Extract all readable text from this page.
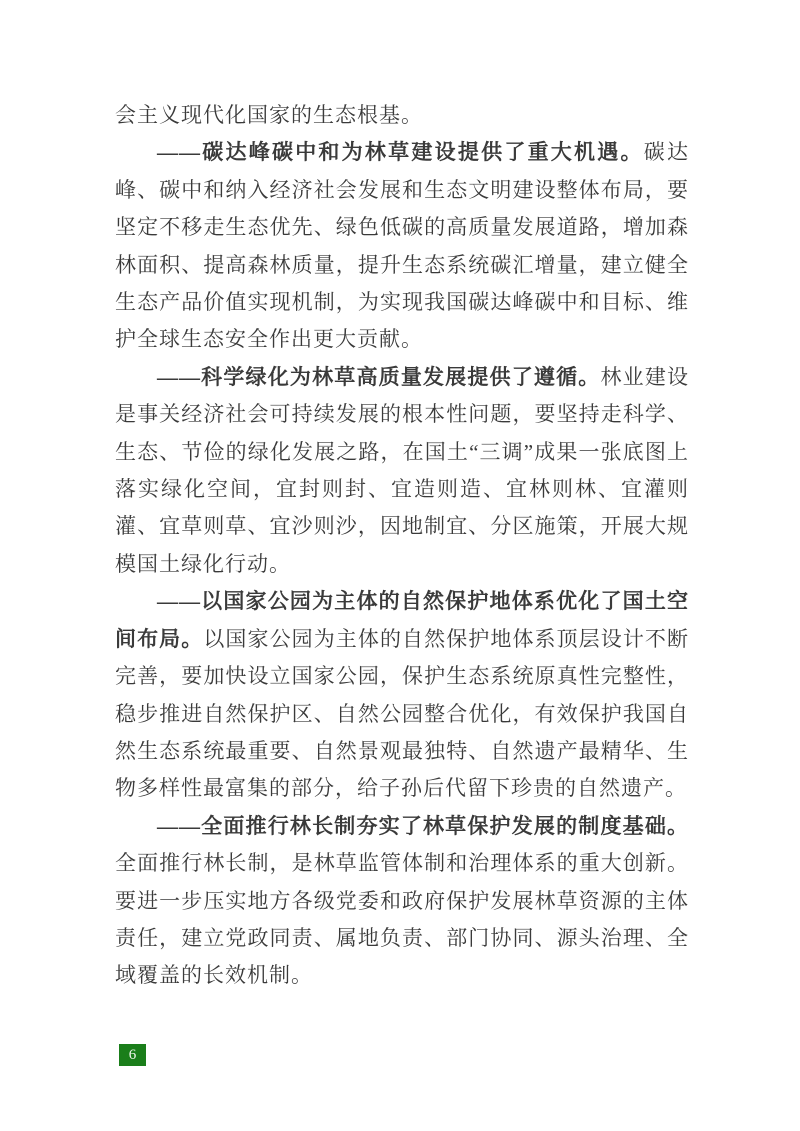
会主义现代化国家的生态根基。

——碳达峰碳中和为林草建设提供了重大机遇。碳达峰、碳中和纳入经济社会发展和生态文明建设整体布局，要坚定不移走生态优先、绿色低碳的高质量发展道路，增加森林面积、提高森林质量，提升生态系统碳汇增量，建立健全生态产品价值实现机制，为实现我国碳达峰碳中和目标、维护全球生态安全作出更大贡献。

——科学绿化为林草高质量发展提供了遵循。林业建设是事关经济社会可持续发展的根本性问题，要坚持走科学、生态、节俭的绿化发展之路，在国土“三调”成果一张底图上落实绿化空间，宜封则封、宜造则造、宜林则林、宜灌则灌、宜草则草、宜沙则沙，因地制宜、分区施策，开展大规模国土绿化行动。

——以国家公园为主体的自然保护地体系优化了国土空间布局。以国家公园为主体的自然保护地体系顶层设计不断完善，要加快设立国家公园，保护生态系统原真性完整性，稳步推进自然保护区、自然公园整合优化，有效保护我国自然生态系统最重要、自然景观最独特、自然遗产最精华、生物多样性最富集的部分，给子孙后代留下珍贵的自然遗产。

——全面推行林长制夯实了林草保护发展的制度基础。全面推行林长制，是林草监管体制和治理体系的重大创新。要进一步压实地方各级党委和政府保护发展林草资源的主体责任，建立党政同责、属地负责、部门协同、源头治理、全域覆盖的长效机制。

6
